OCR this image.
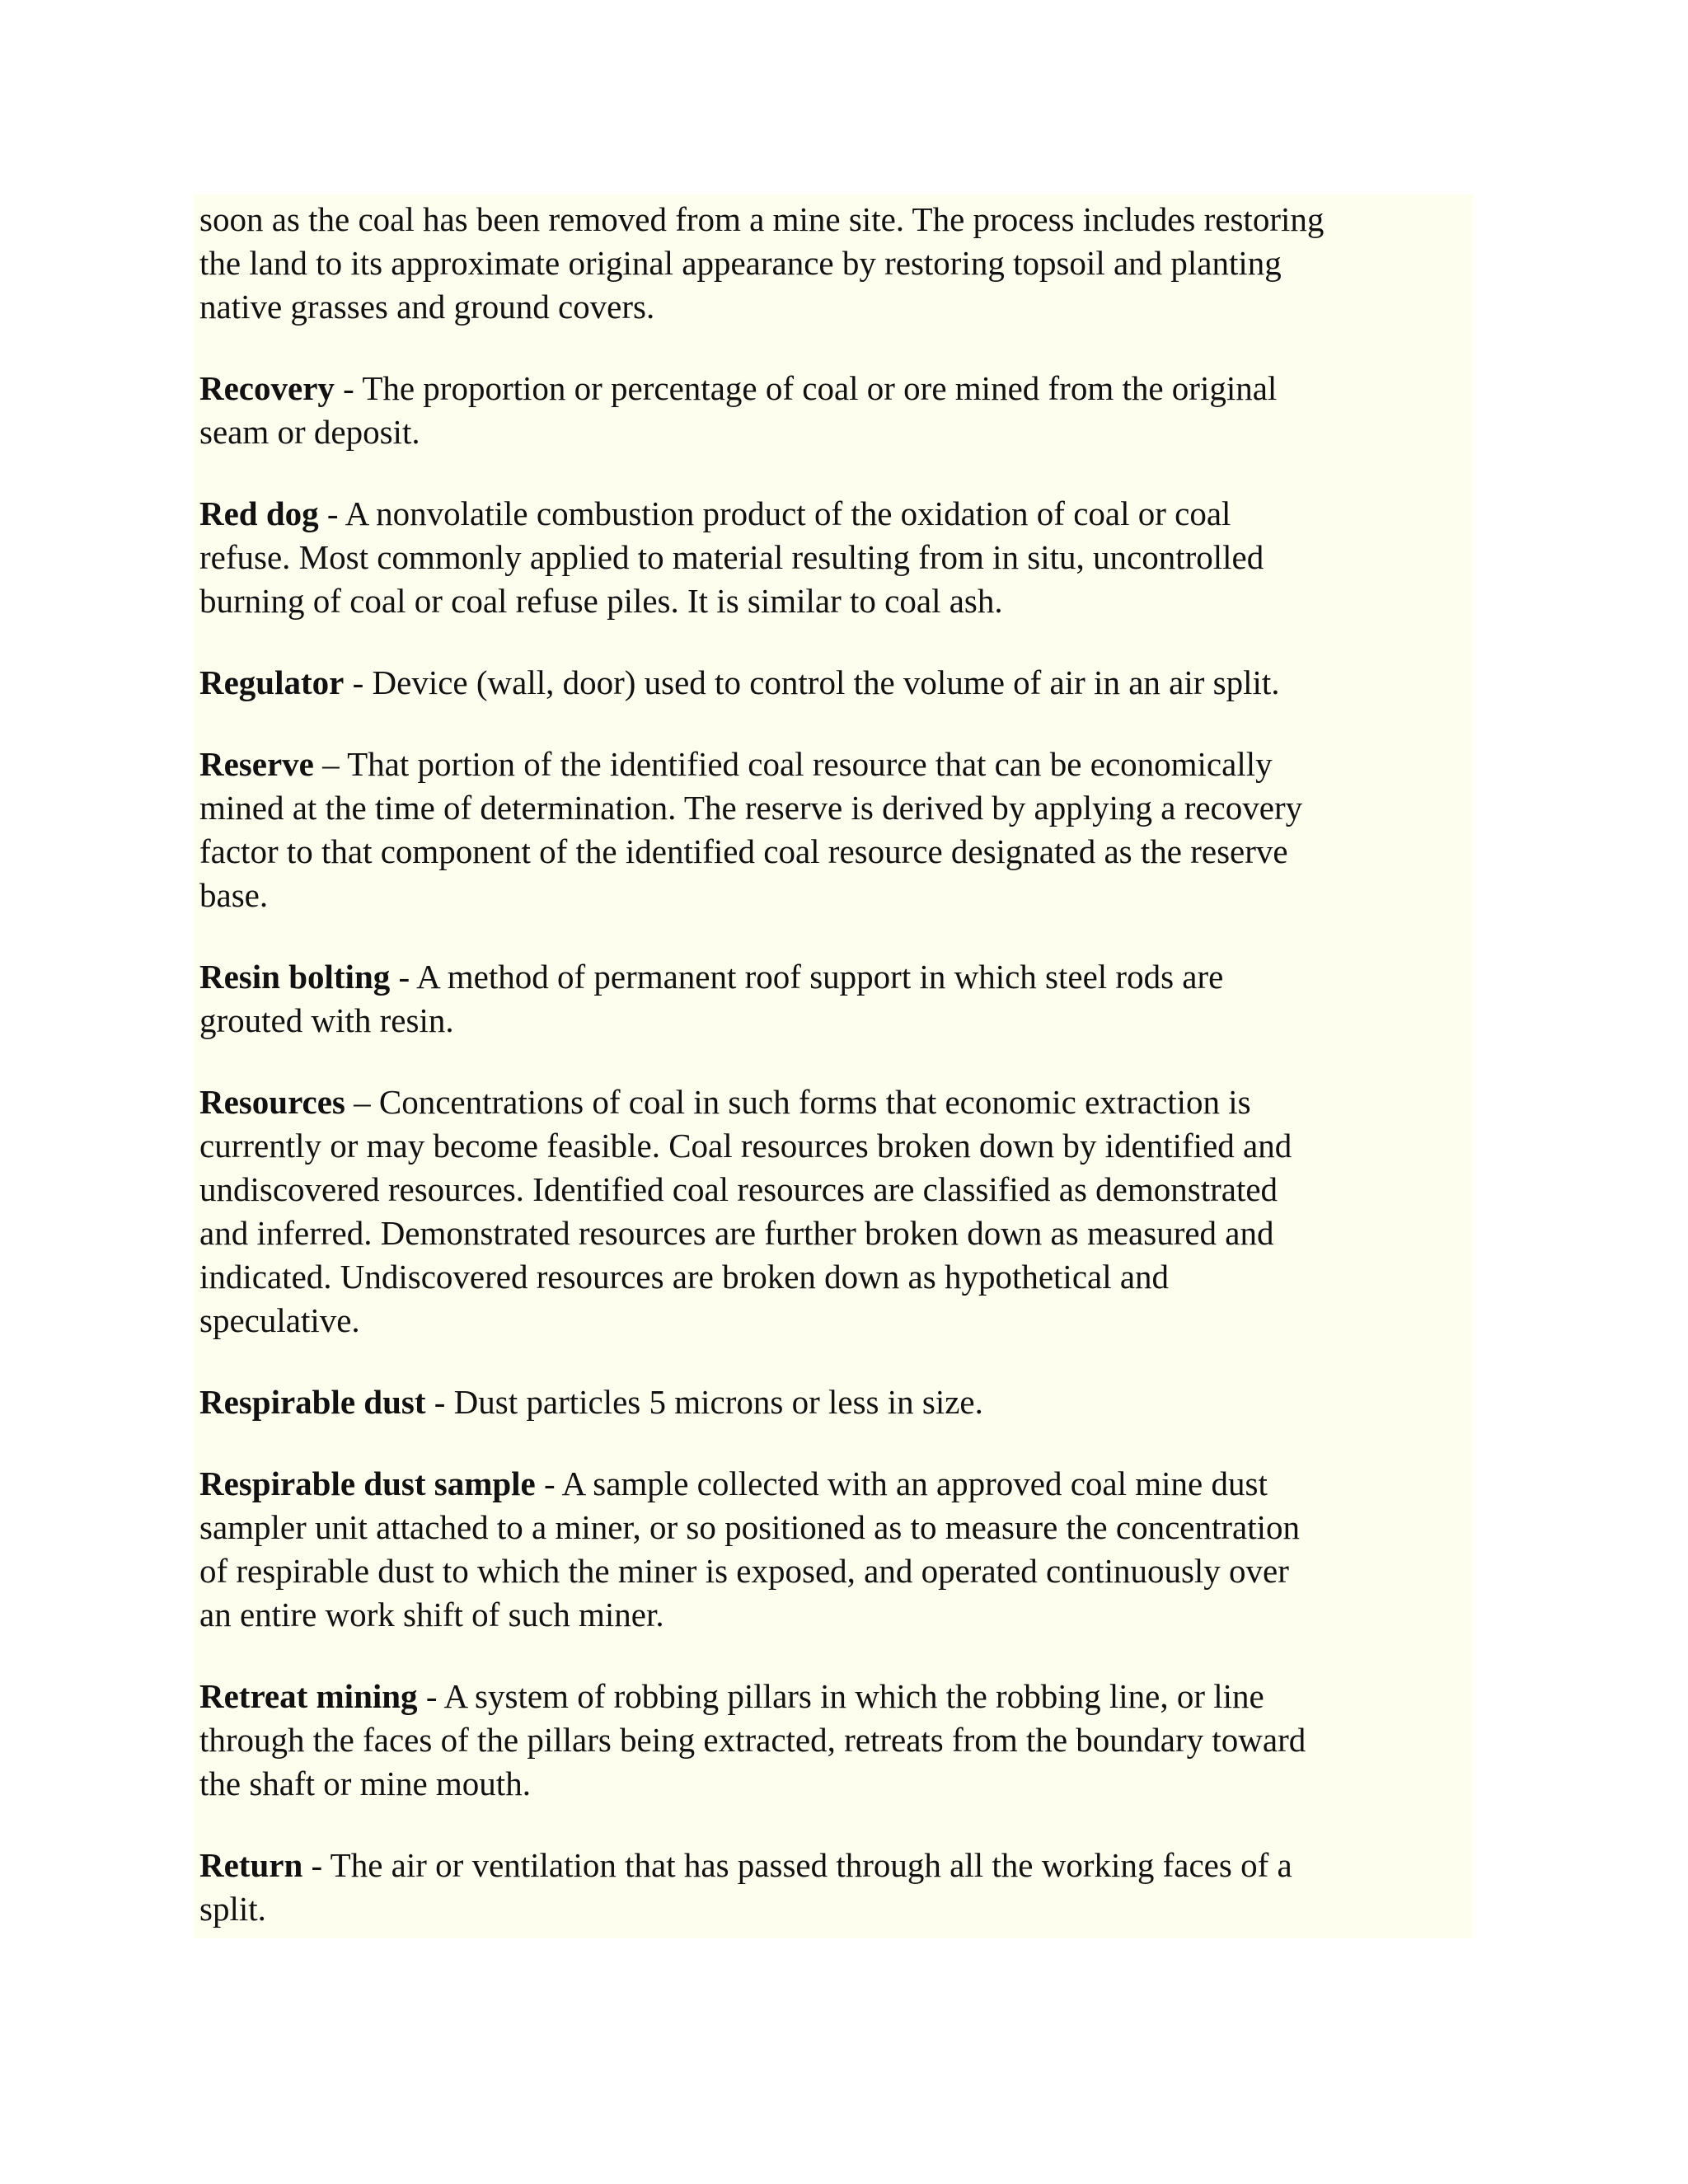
soon as the coal has been removed from a mine site. The process includes restoring
the land to its approximate original appearance by restoring topsoil and planting
native grasses and ground covers.
Recovery - The proportion or percentage of coal or ore mined from the original
seam or deposit.
Red dog - A nonvolatile combustion product of the oxidation of coal or coal
refuse. Most commonly applied to material resulting from in situ, uncontrolled
burning of coal or coal refuse piles. It is similar to coal ash.
Regulator - Device (wall, door) used to control the volume of air in an air split.
Reserve – That portion of the identified coal resource that can be economically
mined at the time of determination. The reserve is derived by applying a recovery
factor to that component of the identified coal resource designated as the reserve
base.
Resin bolting - A method of permanent roof support in which steel rods are
grouted with resin.
Resources – Concentrations of coal in such forms that economic extraction is
currently or may become feasible. Coal resources broken down by identified and
undiscovered resources. Identified coal resources are classified as demonstrated
and inferred. Demonstrated resources are further broken down as measured and
indicated. Undiscovered resources are broken down as hypothetical and
speculative.
Respirable dust - Dust particles 5 microns or less in size.
Respirable dust sample - A sample collected with an approved coal mine dust
sampler unit attached to a miner, or so positioned as to measure the concentration
of respirable dust to which the miner is exposed, and operated continuously over
an entire work shift of such miner.
Retreat mining - A system of robbing pillars in which the robbing line, or line
through the faces of the pillars being extracted, retreats from the boundary toward
the shaft or mine mouth.
Return - The air or ventilation that has passed through all the working faces of a
split.
